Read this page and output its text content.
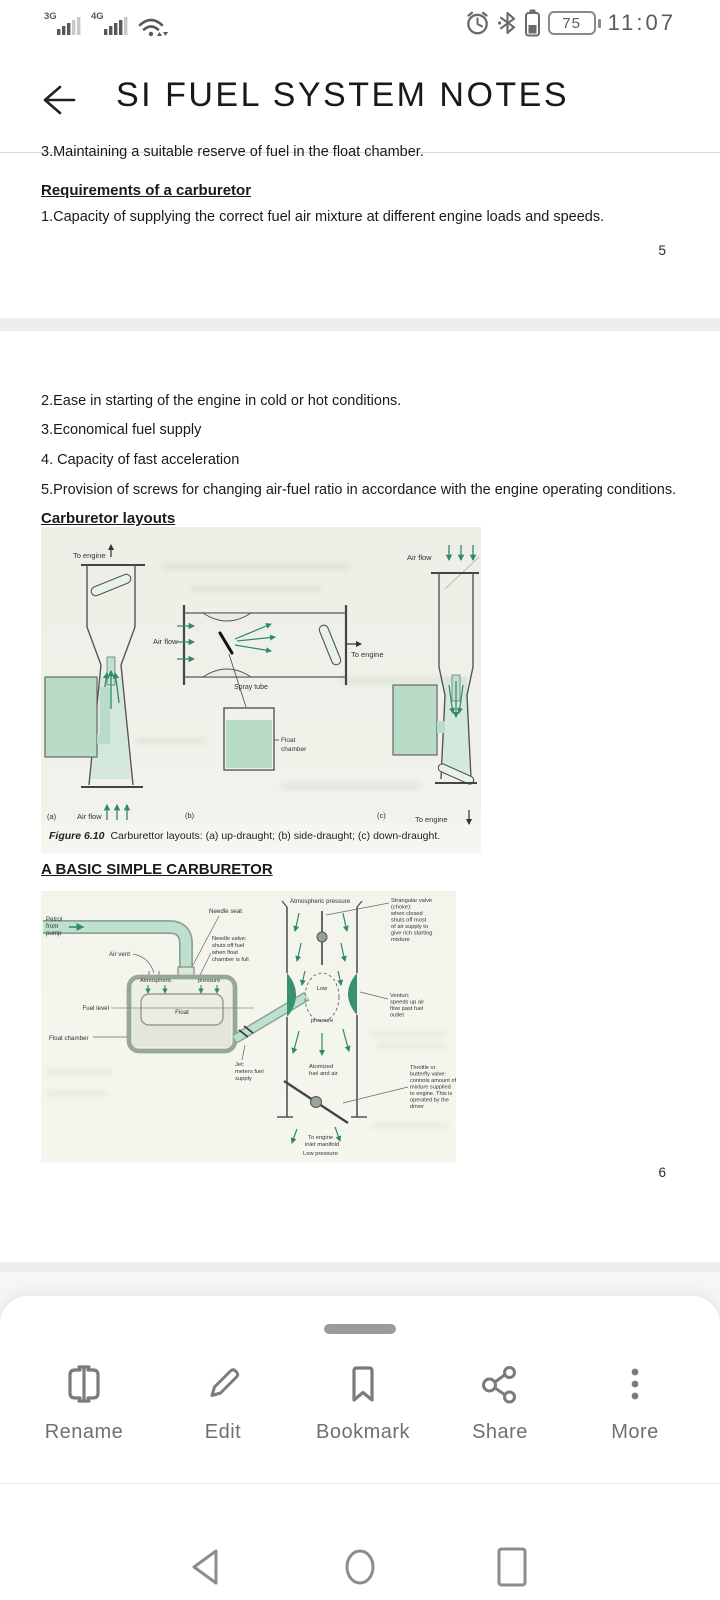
3G	4G	75	11:07
SI FUEL SYSTEM NOTES
3.Maintaining a suitable reserve of fuel in the float chamber.
Requirements of a carburetor
1.Capacity of supplying the correct fuel air mixture at different engine loads and speeds.
5
2.Ease in starting of the engine in cold or hot conditions.
3.Economical fuel supply
4. Capacity of fast acceleration
5.Provision of screws for changing air-fuel ratio in accordance with the engine operating conditions.
Carburetor layouts
To engine
(a)	Air flow
Air flow
To engine
Spray tube
Float
chamber
(b)
Air flow
(c)	To engine
Figure 6.10 Carburettor layouts: (a) up-draught; (b) side-draught; (c) down-draught.
A BASIC SIMPLE CARBURETOR
Petrol
from
pump
Needle seat
Needle valve:
shuts off fuel
when float
chamber is full
Air vent
Atmospheric	pressure
Fuel level
Float
Float chamber
Jet:
meters fuel
supply
Atmospheric pressure	Strangular valve
(choke):
when closed
shuts off most
of air supply to
give rich starting
mixture
Low
pressure
Venturi:
speeds up air
flow past fuel
outlet
Atomized
fuel and air
Throttle or
butterfly valve:
controls amount of
mixture supplied
to engine. This is
operated by the
driver
To engine
inlet manifold
Low pressure
6
Rename	Edit	Bookmark	Share	More
